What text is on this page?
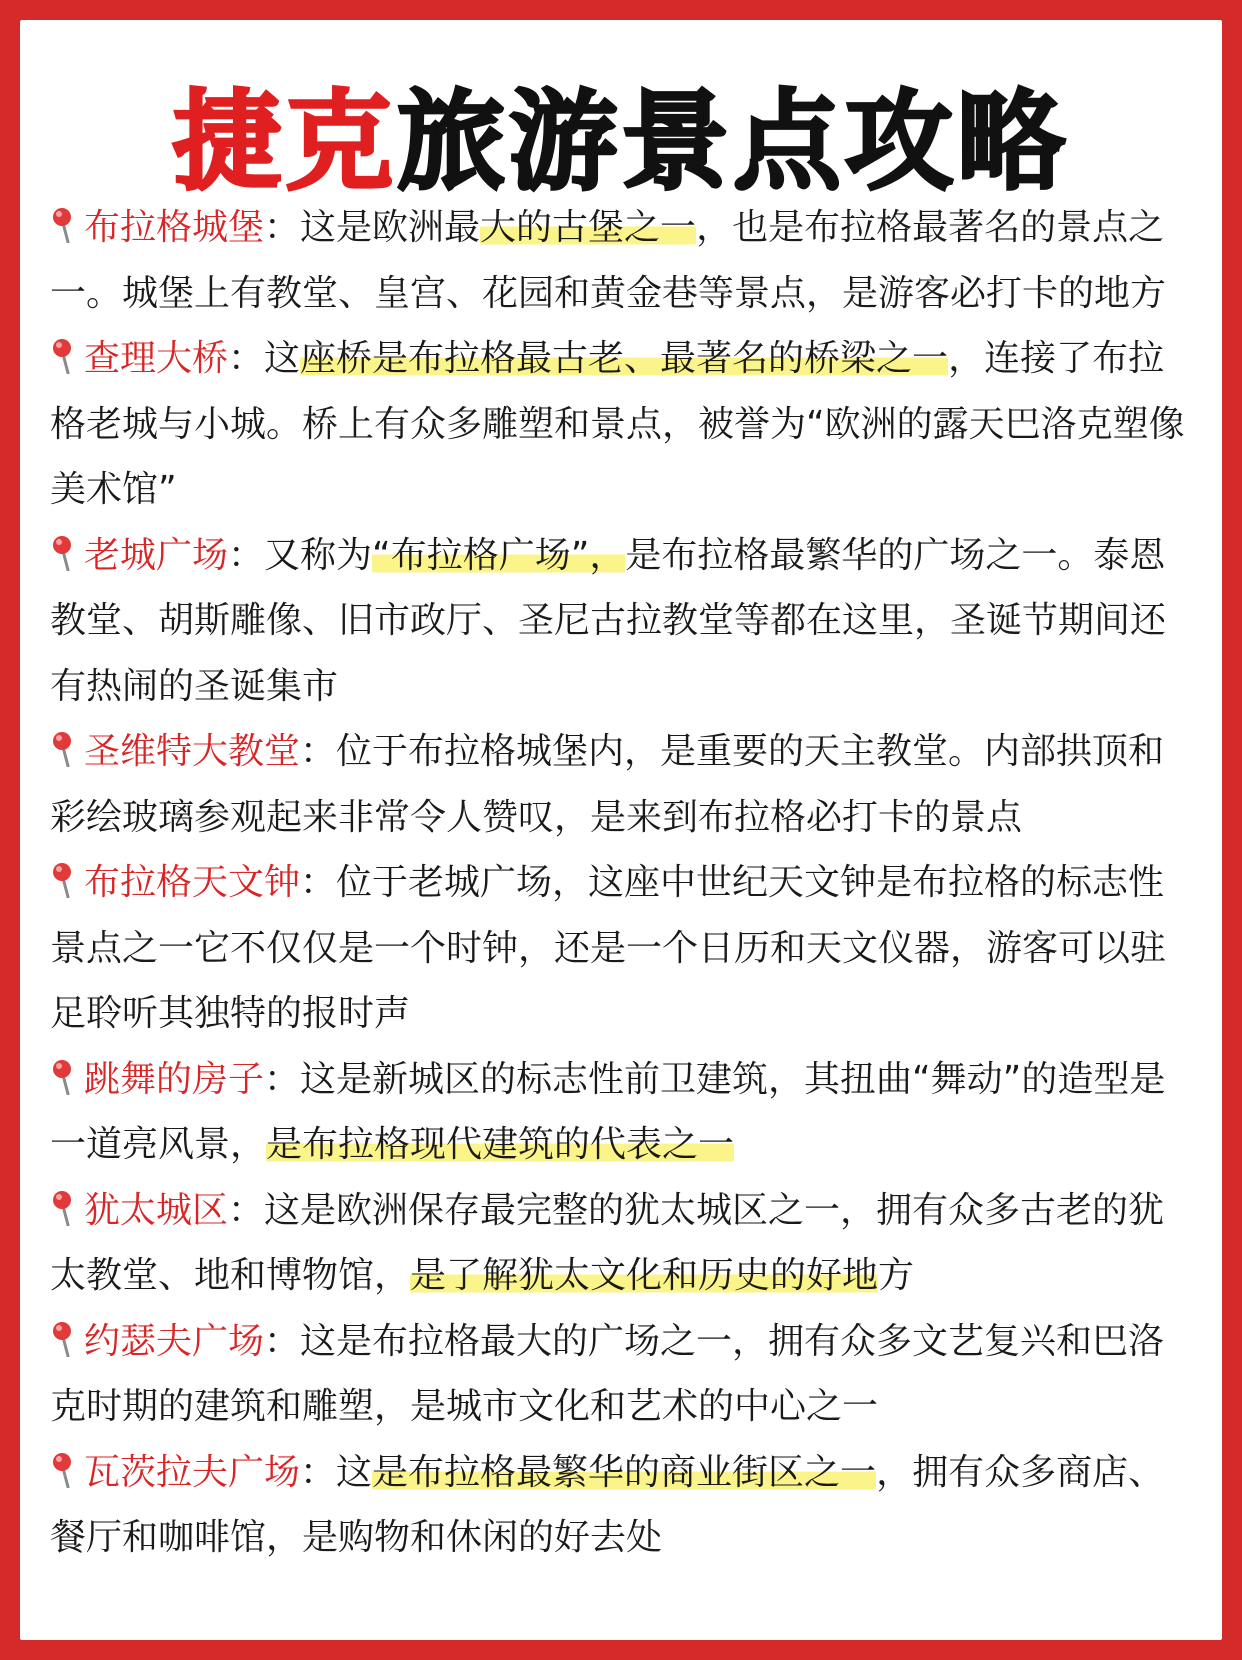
捷克旅游景点攻略

布拉格城堡：这是欧洲最大的古堡之一，也是布拉格最著名的景点之一。城堡上有教堂、皇宫、花园和黄金巷等景点，是游客必打卡的地方

查理大桥：这座桥是布拉格最古老、最著名的桥梁之一，连接了布拉格老城与小城。桥上有众多雕塑和景点，被誉为“欧洲的露天巴洛克塑像美术馆”

老城广场：又称为“布拉格广场”，是布拉格最繁华的广场之一。泰恩教堂、胡斯雕像、旧市政厅、圣尼古拉教堂等都在这里，圣诞节期间还有热闹的圣诞集市

圣维特大教堂：位于布拉格城堡内，是重要的天主教堂。内部拱顶和彩绘玻璃参观起来非常令人赞叹，是来到布拉格必打卡的景点

布拉格天文钟：位于老城广场，这座中世纪天文钟是布拉格的标志性景点之一它不仅仅是一个时钟，还是一个日历和天文仪器，游客可以驻足聆听其独特的报时声

跳舞的房子：这是新城区的标志性前卫建筑，其扭曲“舞动”的造型是一道亮风景，是布拉格现代建筑的代表之一

犹太城区：这是欧洲保存最完整的犹太城区之一，拥有众多古老的犹太教堂、地和博物馆，是了解犹太文化和历史的好地方

约瑟夫广场：这是布拉格最大的广场之一，拥有众多文艺复兴和巴洛克时期的建筑和雕塑，是城市文化和艺术的中心之一

瓦茨拉夫广场：这是布拉格最繁华的商业街区之一，拥有众多商店、餐厅和咖啡馆，是购物和休闲的好去处
